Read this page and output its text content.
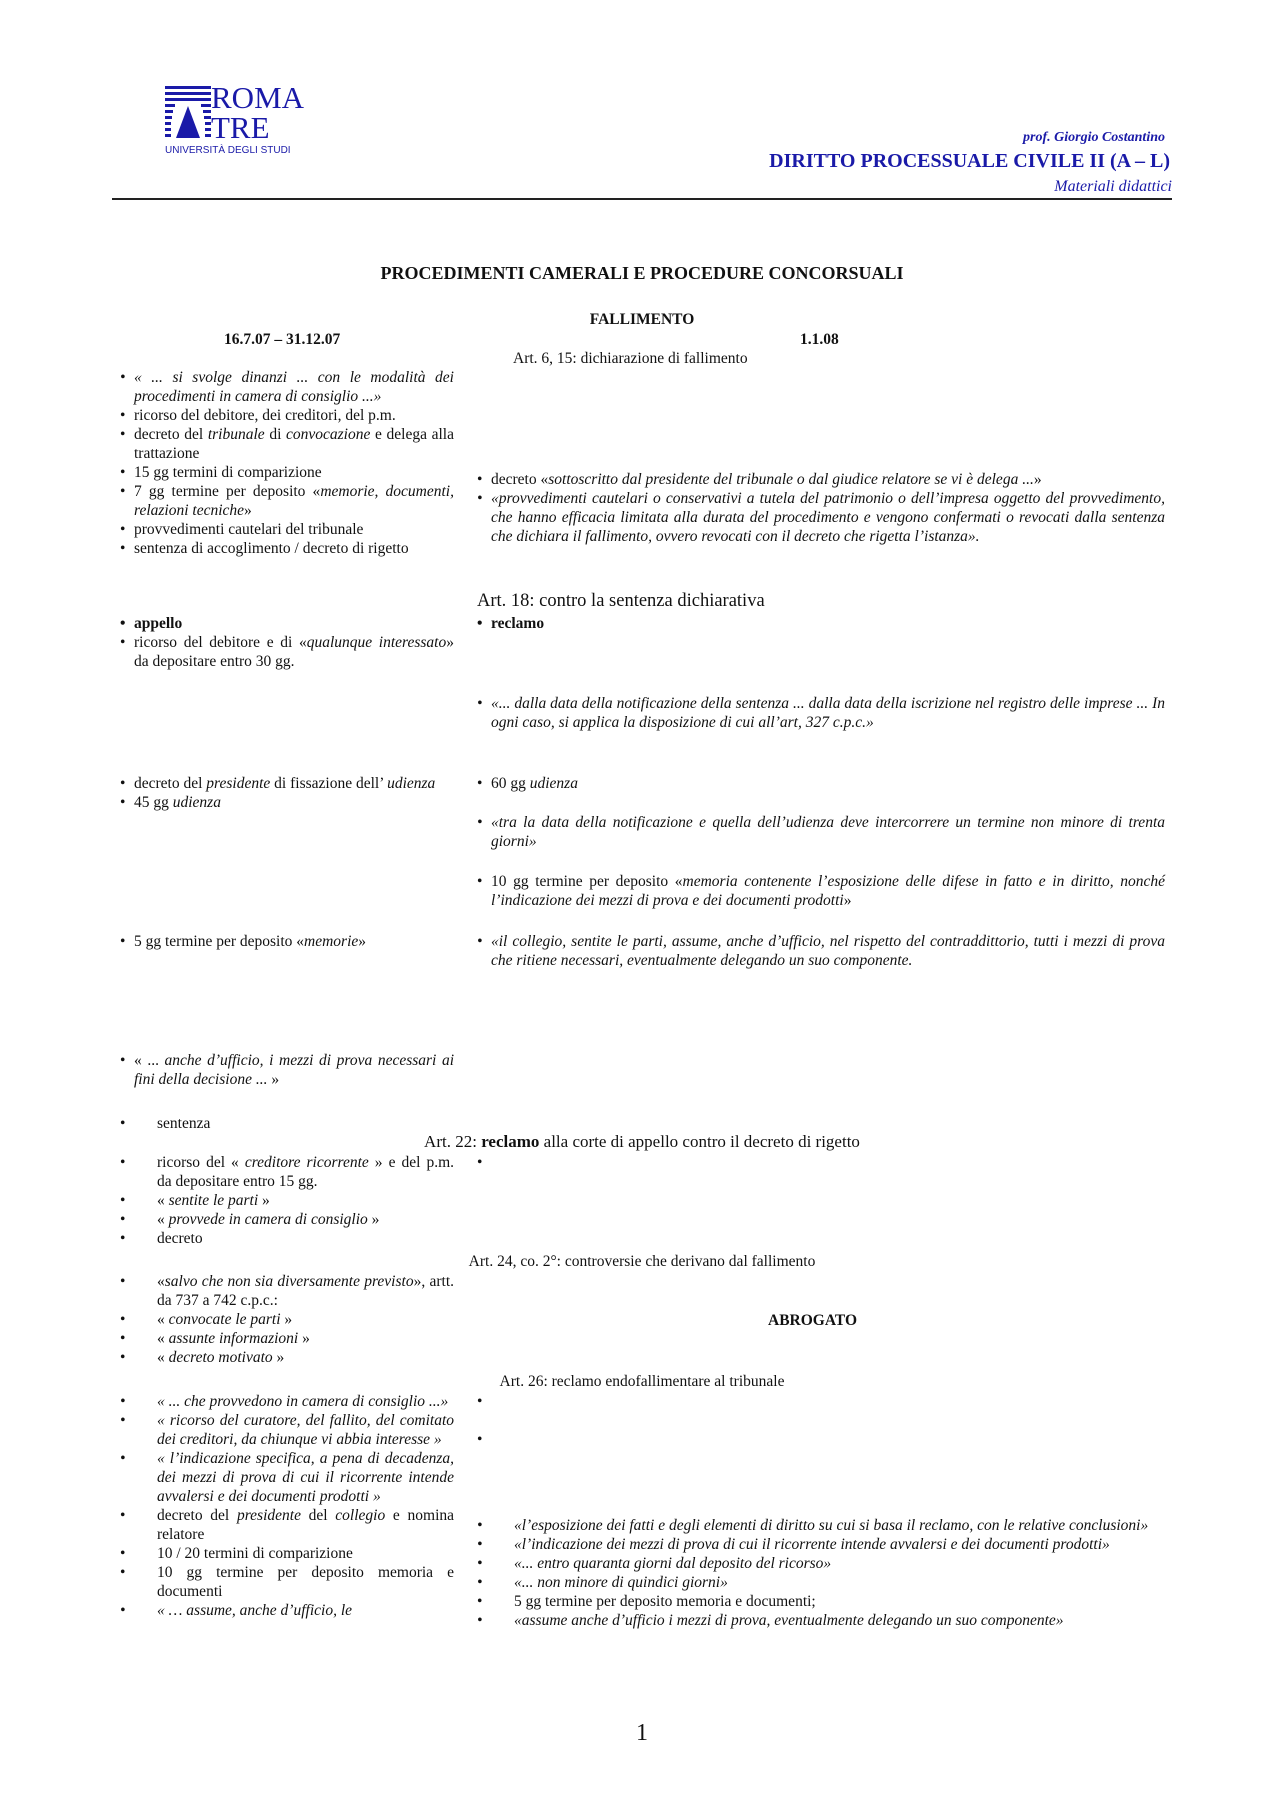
ROMA
TRE
UNIVERSITÀ DEGLI STUDI
prof. Giorgio Costantino
DIRITTO PROCESSUALE CIVILE II (A – L)
Materiali didattici
PROCEDIMENTI CAMERALI E PROCEDURE CONCORSUALI
FALLIMENTO
16.7.07 – 31.12.07	1.1.08
Art. 6, 15: dichiarazione di fallimento
• « ... si svolge dinanzi ... con le modalità dei procedimenti in camera di consiglio ...»
• ricorso del debitore, dei creditori, del p.m.
• decreto del tribunale di convocazione e delega alla trattazione
• 15 gg termini di comparizione
• 7 gg termine per deposito «memorie, documenti, relazioni tecniche»
• provvedimenti cautelari del tribunale
• sentenza di accoglimento / decreto di rigetto
• decreto «sottoscritto dal presidente del tribunale o dal giudice relatore se vi è delega ...»
• «provvedimenti cautelari o conservativi a tutela del patrimonio o dell’impresa oggetto del provvedimento, che hanno efficacia limitata alla durata del procedimento e vengono confermati o revocati dalla sentenza che dichiara il fallimento, ovvero revocati con il decreto che rigetta l’istanza».
Art. 18: contro la sentenza dichiarativa
• appello
• ricorso del debitore e di «qualunque interessato» da depositare entro 30 gg.
• reclamo
• «... dalla data della notificazione della sentenza ... dalla data della iscrizione nel registro delle imprese ... In ogni caso, si applica la disposizione di cui all’art, 327 c.p.c.»
• decreto del presidente di fissazione dell’ udienza
• 45 gg udienza
• 60 gg udienza
• «tra la data della notificazione e quella dell’udienza deve intercorrere un termine non minore di trenta giorni»
• 10 gg termine per deposito «memoria contenente l’esposizione delle difese in fatto e in diritto, nonché l’indicazione dei mezzi di prova e dei documenti prodotti»
• 5 gg termine per deposito «memorie»
•	«il collegio, sentite le parti, assume, anche d’ufficio, nel rispetto del contraddittorio, tutti i mezzi di prova che ritiene necessari, eventualmente delegando un suo componente.
• « ... anche d’ufficio, i mezzi di prova necessari ai fini della decisione ... »
• sentenza
Art. 22: reclamo alla corte di appello contro il decreto di rigetto
• ricorso del « creditore ricorrente » e del p.m. da depositare entro 15 gg.
• « sentite le parti »
• « provvede in camera di consiglio »
• decreto
•
Art. 24, co. 2°: controversie che derivano dal fallimento
• «salvo che non sia diversamente previsto», artt. da 737 a 742 c.p.c.:
• « convocate le parti »
• « assunte informazioni »
• « decreto motivato »
ABROGATO
Art. 26: reclamo endofallimentare al tribunale
• « ... che provvedono in camera di consiglio ...»
• « ricorso del curatore, del fallito, del comitato dei creditori, da chiunque vi abbia interesse »
• « l’indicazione specifica, a pena di decadenza, dei mezzi di prova di cui il ricorrente intende avvalersi e dei documenti prodotti »
• decreto del presidente del collegio e nomina relatore
• 10 / 20 termini di comparizione
• 10 gg termine per deposito memoria e documenti
• « … assume, anche d’ufficio, le
•
•
• «l’esposizione dei fatti e degli elementi di diritto su cui si basa il reclamo, con le relative conclusioni»
• «l’indicazione dei mezzi di prova di cui il ricorrente intende avvalersi e dei documenti prodotti»
• «... entro quaranta giorni dal deposito del ricorso»
• «... non minore di quindici giorni»
• 5 gg termine per deposito memoria e documenti;
• «assume anche d’ufficio i mezzi di prova, eventualmente delegando un suo componente»
1
